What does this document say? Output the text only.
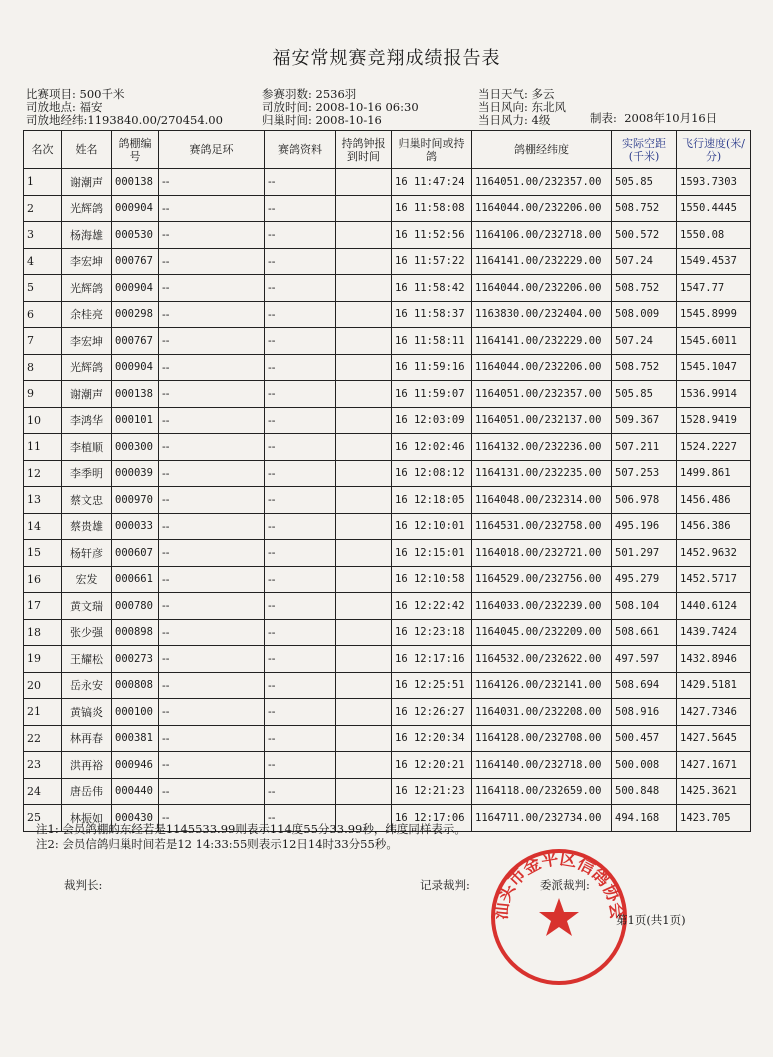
福安常规赛竞翔成绩报告表
比赛项目: 500千米
司放地点: 福安
司放地经纬:1193840.00/270454.00
参赛羽数: 2536羽
司放时间: 2008-10-16 06:30
归巢时间: 2008-10-16
当日天气: 多云
当日风向: 东北风
当日风力: 4级	制表: 2008年10月16日
名次	姓名	鸽棚编号	赛鸽足环	赛鸽资料	持鸽钟报到时间	归巢时间或持鸽	鸽棚经纬度	实际空距(千米)	飞行速度(米/分)
1	谢潮声	000138	--	--		16 11:47:24	1164051.00/232357.00	505.85	1593.7303
2	光辉鸽	000904	--	--		16 11:58:08	1164044.00/232206.00	508.752	1550.4445
3	杨海雄	000530	--	--		16 11:52:56	1164106.00/232718.00	500.572	1550.08
4	李宏坤	000767	--	--		16 11:57:22	1164141.00/232229.00	507.24	1549.4537
5	光辉鸽	000904	--	--		16 11:58:42	1164044.00/232206.00	508.752	1547.77
6	余桂亮	000298	--	--		16 11:58:37	1163830.00/232404.00	508.009	1545.8999
7	李宏坤	000767	--	--		16 11:58:11	1164141.00/232229.00	507.24	1545.6011
8	光辉鸽	000904	--	--		16 11:59:16	1164044.00/232206.00	508.752	1545.1047
9	谢潮声	000138	--	--		16 11:59:07	1164051.00/232357.00	505.85	1536.9914
10	李鸿华	000101	--	--		16 12:03:09	1164051.00/232137.00	509.367	1528.9419
11	李植顺	000300	--	--		16 12:02:46	1164132.00/232236.00	507.211	1524.2227
12	李季明	000039	--	--		16 12:08:12	1164131.00/232235.00	507.253	1499.861
13	蔡文忠	000970	--	--		16 12:18:05	1164048.00/232314.00	506.978	1456.486
14	蔡贵雄	000033	--	--		16 12:10:01	1164531.00/232758.00	495.196	1456.386
15	杨轩彦	000607	--	--		16 12:15:01	1164018.00/232721.00	501.297	1452.9632
16	宏发	000661	--	--		16 12:10:58	1164529.00/232756.00	495.279	1452.5717
17	黄文瑞	000780	--	--		16 12:22:42	1164033.00/232239.00	508.104	1440.6124
18	张少强	000898	--	--		16 12:23:18	1164045.00/232209.00	508.661	1439.7424
19	王耀松	000273	--	--		16 12:17:16	1164532.00/232622.00	497.597	1432.8946
20	岳永安	000808	--	--		16 12:25:51	1164126.00/232141.00	508.694	1429.5181
21	黄镐炎	000100	--	--		16 12:26:27	1164031.00/232208.00	508.916	1427.7346
22	林再春	000381	--	--		16 12:20:34	1164128.00/232708.00	500.457	1427.5645
23	洪再裕	000946	--	--		16 12:20:21	1164140.00/232718.00	500.008	1427.1671
24	唐岳伟	000440	--	--		16 12:21:23	1164118.00/232659.00	500.848	1425.3621
25	林振如	000430	--	--		16 12:17:06	1164711.00/232734.00	494.168	1423.705
注1: 会员鸽棚的东经若是1145533.99则表示114度55分33.99秒，纬度同样表示。
注2: 会员信鸽归巢时间若是12 14:33:55则表示12日14时33分55秒。
裁判长:	记录裁判:	委派裁判:
汕头市金平区信鸽协会
第1页(共1页)
